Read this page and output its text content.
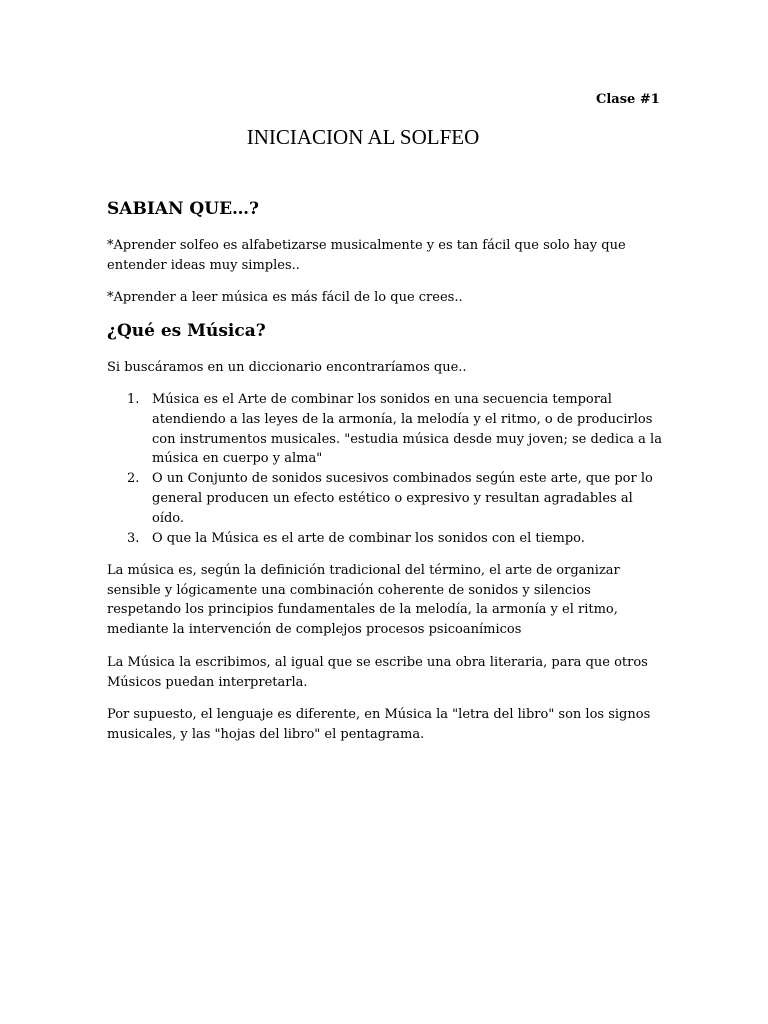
Clase #1
INICIACION AL SOLFEO
SABIAN QUE…?

*Aprender solfeo es alfabetizarse musicalmente y es tan fácil que solo hay que entender ideas muy simples..

*Aprender a leer música es más fácil de lo que crees..

¿Qué es Música?

Si buscáramos en un diccionario encontraríamos que..

1. Música es el Arte de combinar los sonidos en una secuencia temporal atendiendo a las leyes de la armonía, la melodía y el ritmo, o de producirlos con instrumentos musicales. "estudia música desde muy joven; se dedica a la música en cuerpo y alma"
2. O un Conjunto de sonidos sucesivos combinados según este arte, que por lo general producen un efecto estético o expresivo y resultan agradables al oído.
3. O que la Música es el arte de combinar los sonidos con el tiempo.

La música es, según la definición tradicional del término, el arte de organizar sensible y lógicamente una combinación coherente de sonidos y silencios respetando los principios fundamentales de la melodía, la armonía y el ritmo, mediante la intervención de complejos procesos psicoanímicos

La Música la escribimos, al igual que se escribe una obra literaria, para que otros Músicos puedan interpretarla.

Por supuesto, el lenguaje es diferente, en Música la "letra del libro" son los signos musicales, y las "hojas del libro" el pentagrama.
